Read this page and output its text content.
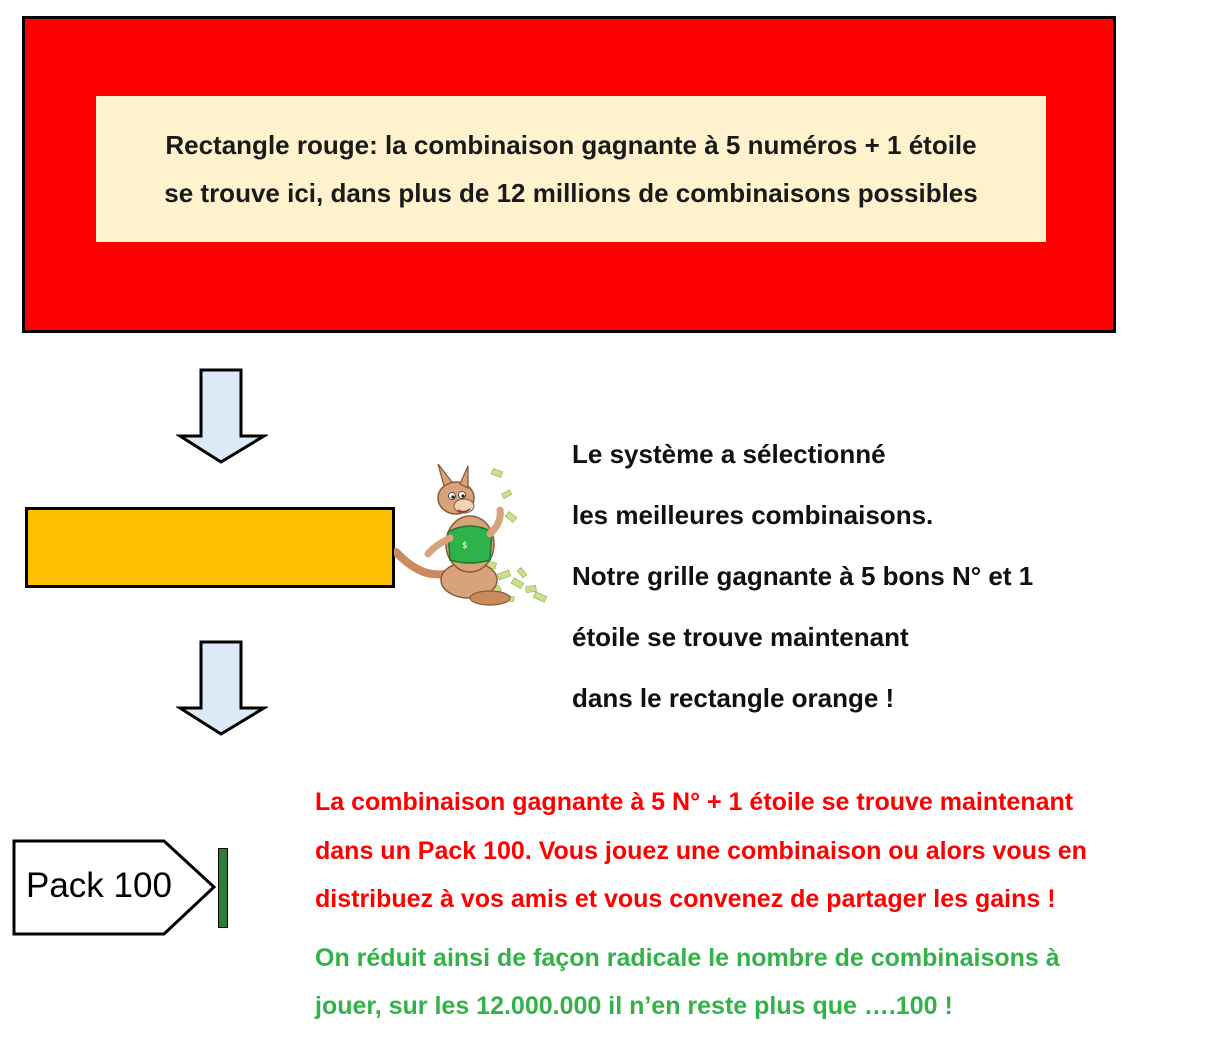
Rectangle rouge: la combinaison gagnante à 5 numéros + 1 étoile
se trouve ici, dans plus de 12 millions de combinaisons possibles
$
Le système a sélectionné
les meilleures combinaisons.
Notre grille gagnante à 5 bons N° et 1
étoile se trouve maintenant
dans le rectangle orange !
Pack 100
La combinaison gagnante à 5 N° + 1 étoile se trouve maintenant
dans un Pack 100. Vous jouez une combinaison ou alors vous en
distribuez à vos amis et vous convenez de partager les gains !
On réduit ainsi de façon radicale le nombre de combinaisons à
jouer, sur les 12.000.000 il n’en reste plus que ….100 !
